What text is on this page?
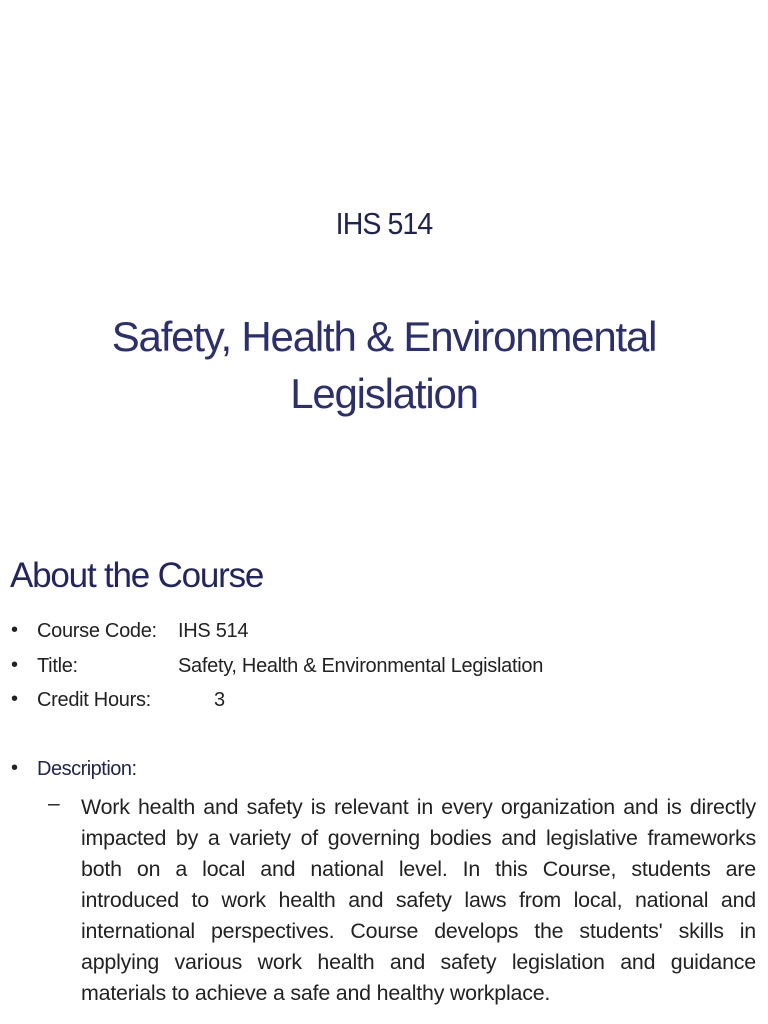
IHS 514
Safety, Health & Environmental Legislation
About the Course
• Course Code: IHS 514
• Title:	Safety, Health & Environmental Legislation
• Credit Hours:	3
• Description:
– Work health and safety is relevant in every organization and is directly impacted by a variety of governing bodies and legislative frameworks both on a local and national level. In this Course, students are introduced to work health and safety laws from local, national and international perspectives. Course develops the students' skills in applying various work health and safety legislation and guidance materials to achieve a safe and healthy workplace.
